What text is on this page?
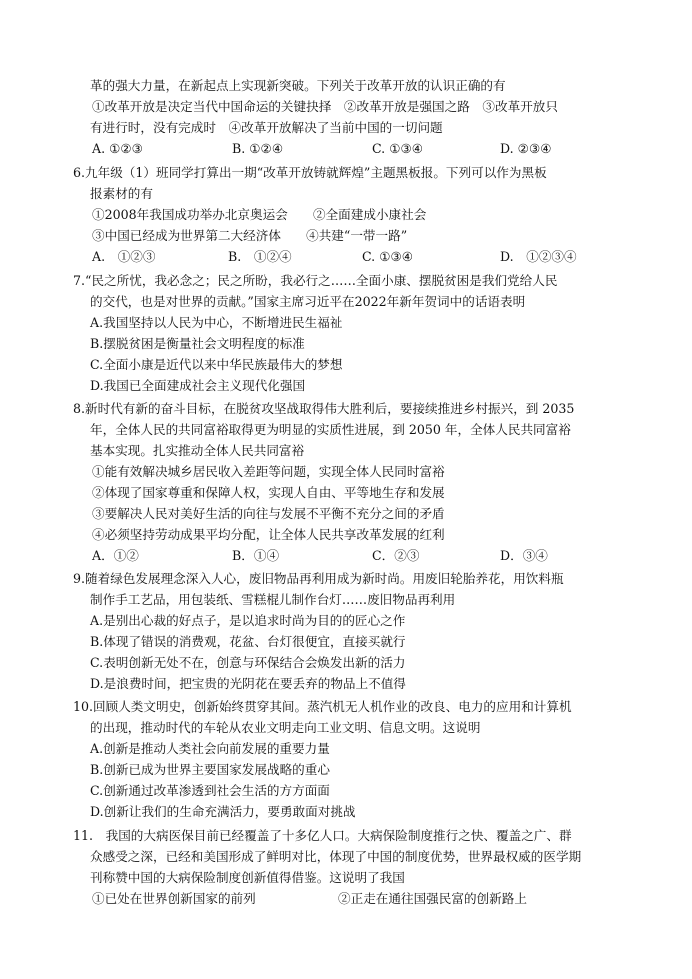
革的强大力量，在新起点上实现新突破。下列关于改革开放的认识正确的有
①改革开放是决定当代中国命运的关键抉择　②改革开放是强国之路　③改革开放只
有进行时，没有完成时　④改革开放解决了当前中国的一切问题
A. ①②③	B. ①②④	C. ①③④	D. ②③④
6.九年级（1）班同学打算出一期“改革开放铸就辉煌”主题黑板报。下列可以作为黑板
报素材的有
①2008年我国成功举办北京奥运会　　②全面建成小康社会
③中国已经成为世界第二大经济体　　④共建“一带一路”
A.　①②③	B.　①②④	C. ①③④	D.　①②③④
7.“民之所忧，我必念之；民之所盼，我必行之……全面小康、摆脱贫困是我们党给人民
的交代，也是对世界的贡献。”国家主席习近平在2022年新年贺词中的话语表明
A.我国坚持以人民为中心，不断增进民生福祉
B.摆脱贫困是衡量社会文明程度的标准
C.全面小康是近代以来中华民族最伟大的梦想
D.我国已全面建成社会主义现代化强国
8.新时代有新的奋斗目标，在脱贫攻坚战取得伟大胜利后，要接续推进乡村振兴，到 2035
年，全体人民的共同富裕取得更为明显的实质性进展，到 2050 年，全体人民共同富裕
基本实现。扎实推动全体人民共同富裕
①能有效解决城乡居民收入差距等问题，实现全体人民同时富裕
②体现了国家尊重和保障人权，实现人自由、平等地生存和发展
③要解决人民对美好生活的向往与发展不平衡不充分之间的矛盾
④必须坚持劳动成果平均分配，让全体人民共享改革发展的红利
A．①②	B．①④	C．②③	D．③④
9.随着绿色发展理念深入人心，废旧物品再利用成为新时尚。用废旧轮胎养花，用饮料瓶
制作手工艺品，用包装纸、雪糕棍儿制作台灯……废旧物品再利用
A.是别出心裁的好点子，是以追求时尚为目的的匠心之作
B.体现了错误的消费观，花盆、台灯很便宜，直接买就行
C.表明创新无处不在，创意与环保结合会焕发出新的活力
D.是浪费时间，把宝贵的光阴花在要丢弃的物品上不值得
10.回顾人类文明史，创新始终贯穿其间。蒸汽机无人机作业的改良、电力的应用和计算机
的出现，推动时代的车轮从农业文明走向工业文明、信息文明。这说明
A.创新是推动人类社会向前发展的重要力量
B.创新已成为世界主要国家发展战略的重心
C.创新通过改革渗透到社会生活的方方面面
D.创新让我们的生命充满活力，要勇敢面对挑战
11.　我国的大病医保目前已经覆盖了十多亿人口。大病保险制度推行之快、覆盖之广、群
众感受之深，已经和美国形成了鲜明对比，体现了中国的制度优势，世界最权威的医学期
刊称赞中国的大病保险制度创新值得借鉴。这说明了我国
①已处在世界创新国家的前列	②正走在通往国强民富的创新路上
